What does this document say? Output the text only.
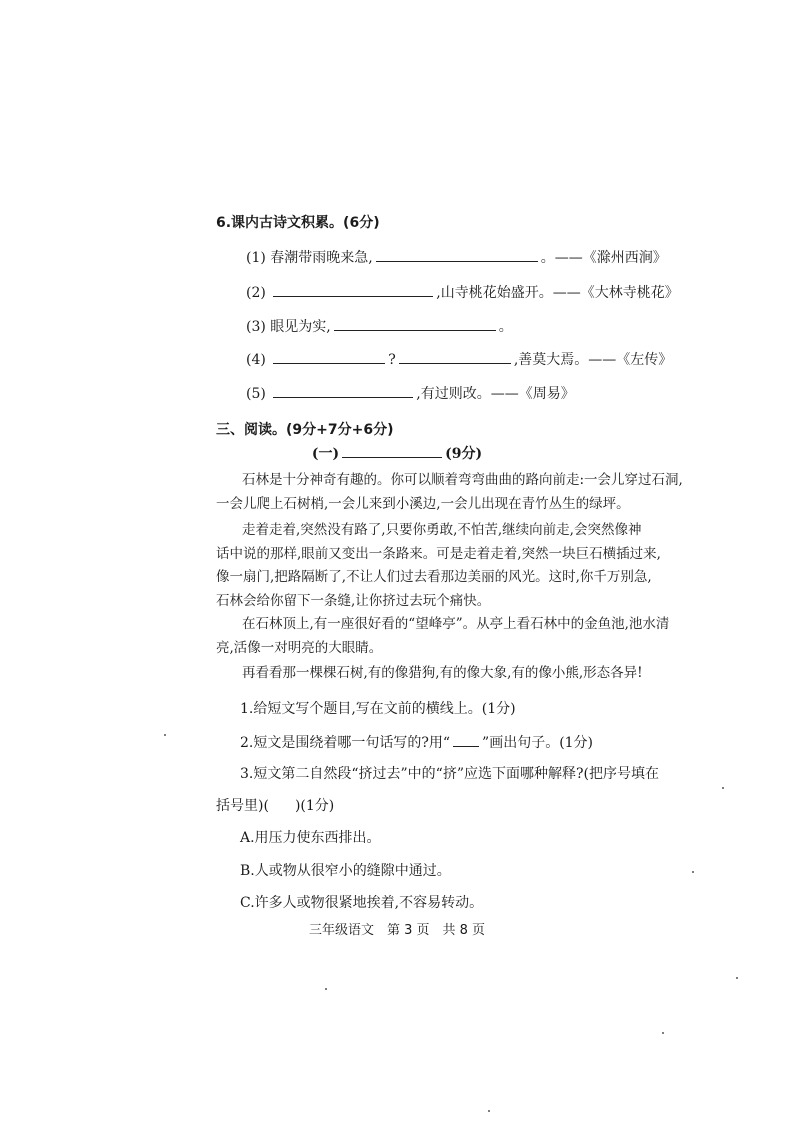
6.课内古诗文积累。(6分)
(1) 春潮带雨晚来急,	。——《滁州西涧》
(2)	,山寺桃花始盛开。——《大林寺桃花》
(3) 眼见为实,	。
(4)	?	,善莫大焉。——《左传》
(5)	,有过则改。——《周易》
三、阅读。(9分+7分+6分)
(一)	(9分)
石林是十分神奇有趣的。你可以顺着弯弯曲曲的路向前走:一会儿穿过石洞,
一会儿爬上石树梢,一会儿来到小溪边,一会儿出现在青竹丛生的绿坪。
走着走着,突然没有路了,只要你勇敢,不怕苦,继续向前走,会突然像神
话中说的那样,眼前又变出一条路来。可是走着走着,突然一块巨石横插过来,
像一扇门,把路隔断了,不让人们过去看那边美丽的风光。这时,你千万别急,
石林会给你留下一条缝,让你挤过去玩个痛快。
在石林顶上,有一座很好看的“望峰亭”。从亭上看石林中的金鱼池,池水清
亮,活像一对明亮的大眼睛。
再看看那一棵棵石树,有的像猎狗,有的像大象,有的像小熊,形态各异!
1.给短文写个题目,写在文前的横线上。(1分)
2.短文是围绕着哪一句话写的?用“ ”画出句子。(1分)
3.短文第二自然段“挤过去”中的“挤”应选下面哪种解释?(把序号填在
括号里)( )(1分)
A.用压力使东西排出。
B.人或物从很窄小的缝隙中通过。
C.许多人或物很紧地挨着,不容易转动。
三年级语文　第 3 页　共 8 页
